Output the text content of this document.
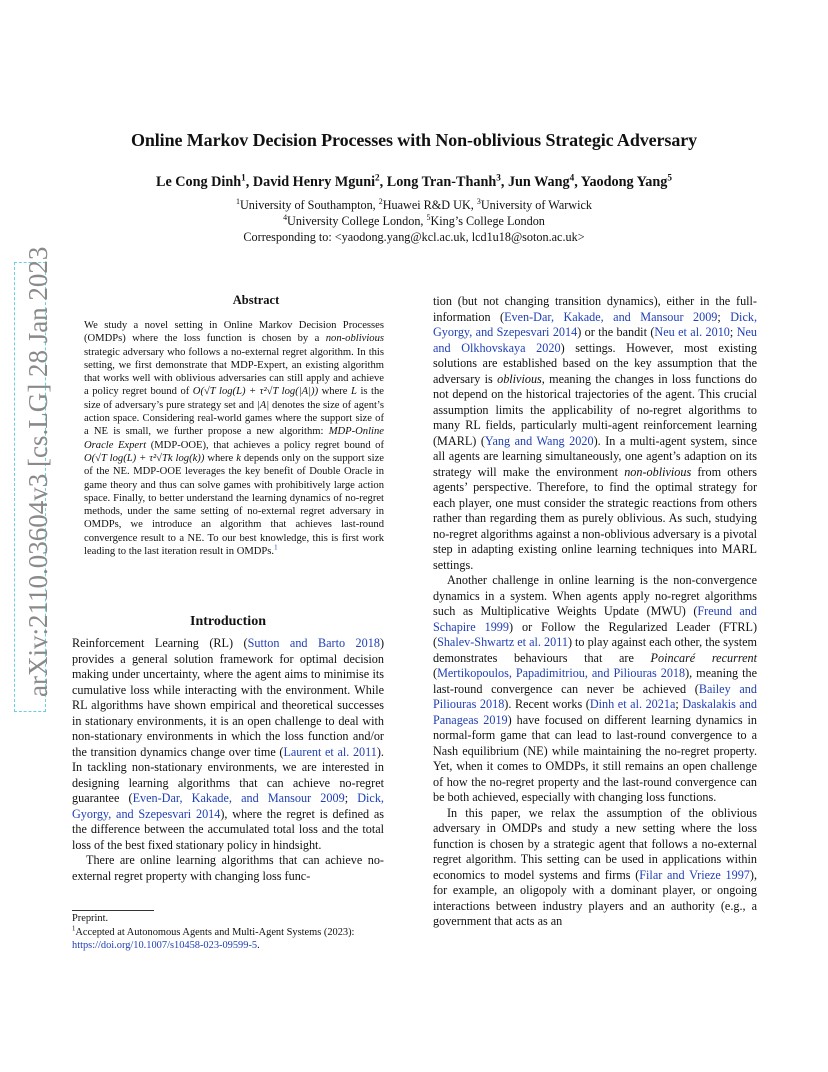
arXiv:2110.03604v3 [cs.LG] 28 Jan 2023
Online Markov Decision Processes with Non-oblivious Strategic Adversary
Le Cong Dinh$^1$, David Henry Mguni$^2$, Long Tran-Thanh$^3$, Jun Wang$^4$, Yaodong Yang$^5$
$^1$University of Southampton, $^2$Huawei R&D UK, $^3$University of Warwick
$^4$University College London, $^5$King’s College London
Corresponding to: <yaodong.yang@kcl.ac.uk, lcd1u18@soton.ac.uk>
Abstract
We study a novel setting in Online Markov Decision Processes (OMDPs) where the loss function is chosen by a non-oblivious strategic adversary who follows a no-external regret algorithm. In this setting, we first demonstrate that MDP-Expert, an existing algorithm that works well with oblivious adversaries can still apply and achieve a policy regret bound of O(√T log(L) + τ²√T log(|A|)) where L is the size of adversary’s pure strategy set and |A| denotes the size of agent’s action space. Considering real-world games where the support size of a NE is small, we further propose a new algorithm: MDP-Online Oracle Expert (MDP-OOE), that achieves a policy regret bound of O(√T log(L) + τ²√Tk log(k)) where k depends only on the support size of the NE. MDP-OOE leverages the key benefit of Double Oracle in game theory and thus can solve games with prohibitively large action space. Finally, to better understand the learning dynamics of no-regret methods, under the same setting of no-external regret adversary in OMDPs, we introduce an algorithm that achieves last-round convergence result to a NE. To our best knowledge, this is first work leading to the last iteration result in OMDPs.$^1$
Introduction

Reinforcement Learning (RL) (Sutton and Barto 2018) provides a general solution framework for optimal decision making under uncertainty, where the agent aims to minimise its cumulative loss while interacting with the environment. While RL algorithms have shown empirical and theoretical successes in stationary environments, it is an open challenge to deal with non-stationary environments in which the loss function and/or the transition dynamics change over time (Laurent et al. 2011). In tackling non-stationary environments, we are interested in designing learning algorithms that can achieve no-regret guarantee (Even-Dar, Kakade, and Mansour 2009; Dick, Gyorgy, and Szepesvari 2014), where the regret is defined as the difference between the accumulated total loss and the total loss of the best fixed stationary policy in hindsight.

There are online learning algorithms that can achieve no-external regret property with changing loss func-

tion (but not changing transition dynamics), either in the full-information (Even-Dar, Kakade, and Mansour 2009; Dick, Gyorgy, and Szepesvari 2014) or the bandit (Neu et al. 2010; Neu and Olkhovskaya 2020) settings. However, most existing solutions are established based on the key assumption that the adversary is oblivious, meaning the changes in loss functions do not depend on the historical trajectories of the agent. This crucial assumption limits the applicability of no-regret algorithms to many RL fields, particularly multi-agent reinforcement learning (MARL) (Yang and Wang 2020). In a multi-agent system, since all agents are learning simultaneously, one agent’s adaption on its strategy will make the environment non-oblivious from others agents’ perspective. Therefore, to find the optimal strategy for each player, one must consider the strategic reactions from others rather than regarding them as purely oblivious. As such, studying no-regret algorithms against a non-oblivious adversary is a pivotal step in adapting existing online learning techniques into MARL settings.

Another challenge in online learning is the non-convergence dynamics in a system. When agents apply no-regret algorithms such as Multiplicative Weights Update (MWU) (Freund and Schapire 1999) or Follow the Regularized Leader (FTRL) (Shalev-Shwartz et al. 2011) to play against each other, the system demonstrates behaviours that are Poincaré recurrent (Mertikopoulos, Papadimitriou, and Piliouras 2018), meaning the last-round convergence can never be achieved (Bailey and Piliouras 2018). Recent works (Dinh et al. 2021a; Daskalakis and Panageas 2019) have focused on different learning dynamics in normal-form game that can lead to last-round convergence to a Nash equilibrium (NE) while maintaining the no-regret property. Yet, when it comes to OMDPs, it still remains an open challenge of how the no-regret property and the last-round convergence can be both achieved, especially with changing loss functions.

In this paper, we relax the assumption of the oblivious adversary in OMDPs and study a new setting where the loss function is chosen by a strategic agent that follows a no-external regret algorithm. This setting can be used in applications within economics to model systems and firms (Filar and Vrieze 1997), for example, an oligopoly with a dominant player, or ongoing interactions between industry players and an authority (e.g., a government that acts as an

Preprint.
$^1$Accepted at Autonomous Agents and Multi-Agent Systems (2023): https://doi.org/10.1007/s10458-023-09599-5.
